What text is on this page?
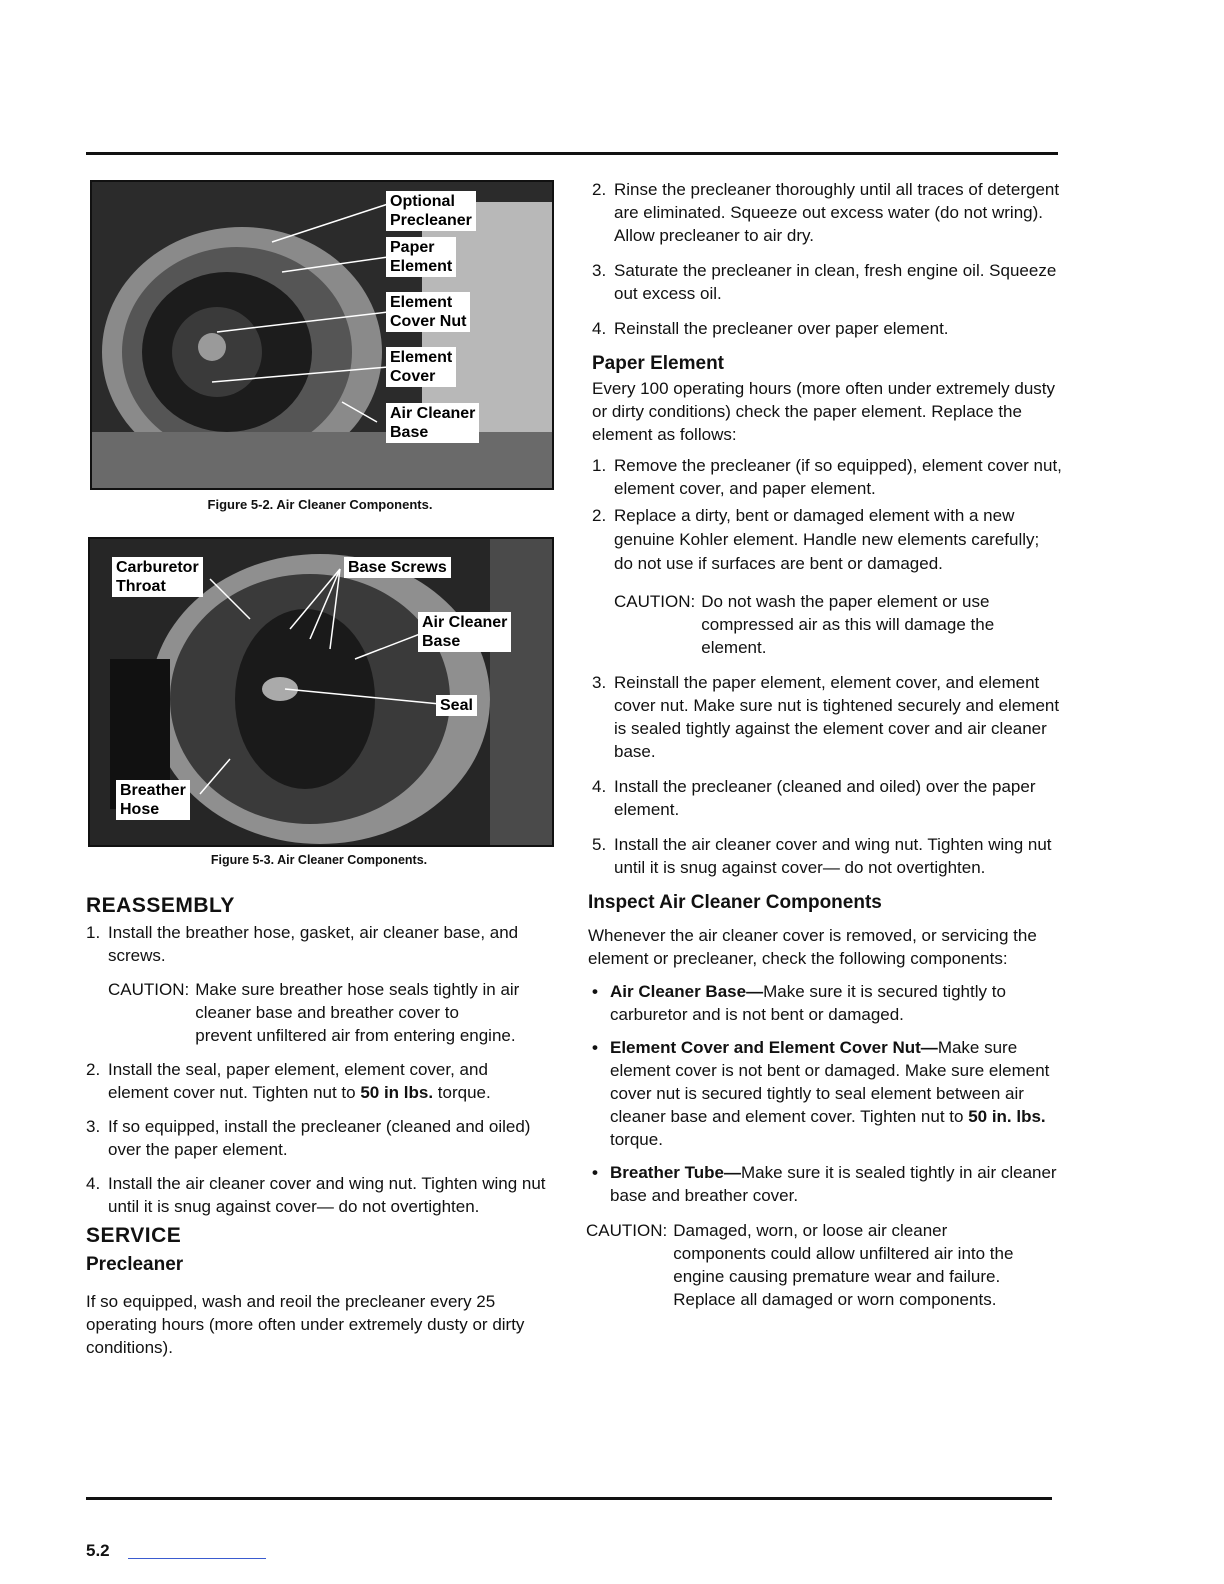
Optional
Precleaner
Paper
Element
Element
Cover Nut
Element
Cover
Air Cleaner
Base
Figure 5-2. Air Cleaner Components.
Carburetor
Throat
Base Screws
Air Cleaner
Base
Seal
Breather
Hose
Figure 5-3. Air Cleaner Components.
REASSEMBLY
1. Install the breather hose, gasket, air cleaner base, and screws.
CAUTION: Make sure breather hose seals tightly in air cleaner base and breather cover to prevent unfiltered air from entering engine.
2. Install the seal, paper element, element cover, and element cover nut. Tighten nut to 50 in lbs. torque.
3. If so equipped, install the precleaner (cleaned and oiled) over the paper element.
4. Install the air cleaner cover and wing nut. Tighten wing nut until it is snug against cover— do not overtighten.
SERVICE
Precleaner

If so equipped, wash and reoil the precleaner every 25 operating hours (more often under extremely dusty or dirty conditions).

2. Rinse the precleaner thoroughly until all traces of detergent are eliminated. Squeeze out excess water (do not wring). Allow precleaner to air dry.
3. Saturate the precleaner in clean, fresh engine oil. Squeeze out excess oil.
4. Reinstall the precleaner over paper element.
Paper Element

Every 100 operating hours (more often under extremely dusty or dirty conditions) check the paper element. Replace the element as follows:

1. Remove the precleaner (if so equipped), element cover nut, element cover, and paper element.
2. Replace a dirty, bent or damaged element with a new genuine Kohler element. Handle new elements carefully; do not use if surfaces are bent or damaged.
CAUTION: Do not wash the paper element or use compressed air as this will damage the element.
3. Reinstall the paper element, element cover, and element cover nut. Make sure nut is tightened securely and element is sealed tightly against the element cover and air cleaner base.
4. Install the precleaner (cleaned and oiled) over the paper element.
5. Install the air cleaner cover and wing nut. Tighten wing nut until it is snug against cover— do not overtighten.
Inspect Air Cleaner Components

Whenever the air cleaner cover is removed, or servicing the element or precleaner, check the following components:

• Air Cleaner Base—Make sure it is secured tightly to carburetor and is not bent or damaged.
• Element Cover and Element Cover Nut—Make sure element cover is not bent or damaged. Make sure element cover nut is secured tightly to seal element between air cleaner base and element cover. Tighten nut to 50 in. lbs. torque.
• Breather Tube—Make sure it is sealed tightly in air cleaner base and breather cover.
CAUTION: Damaged, worn, or loose air cleaner components could allow unfiltered air into the engine causing premature wear and failure. Replace all damaged or worn components.
5.2
